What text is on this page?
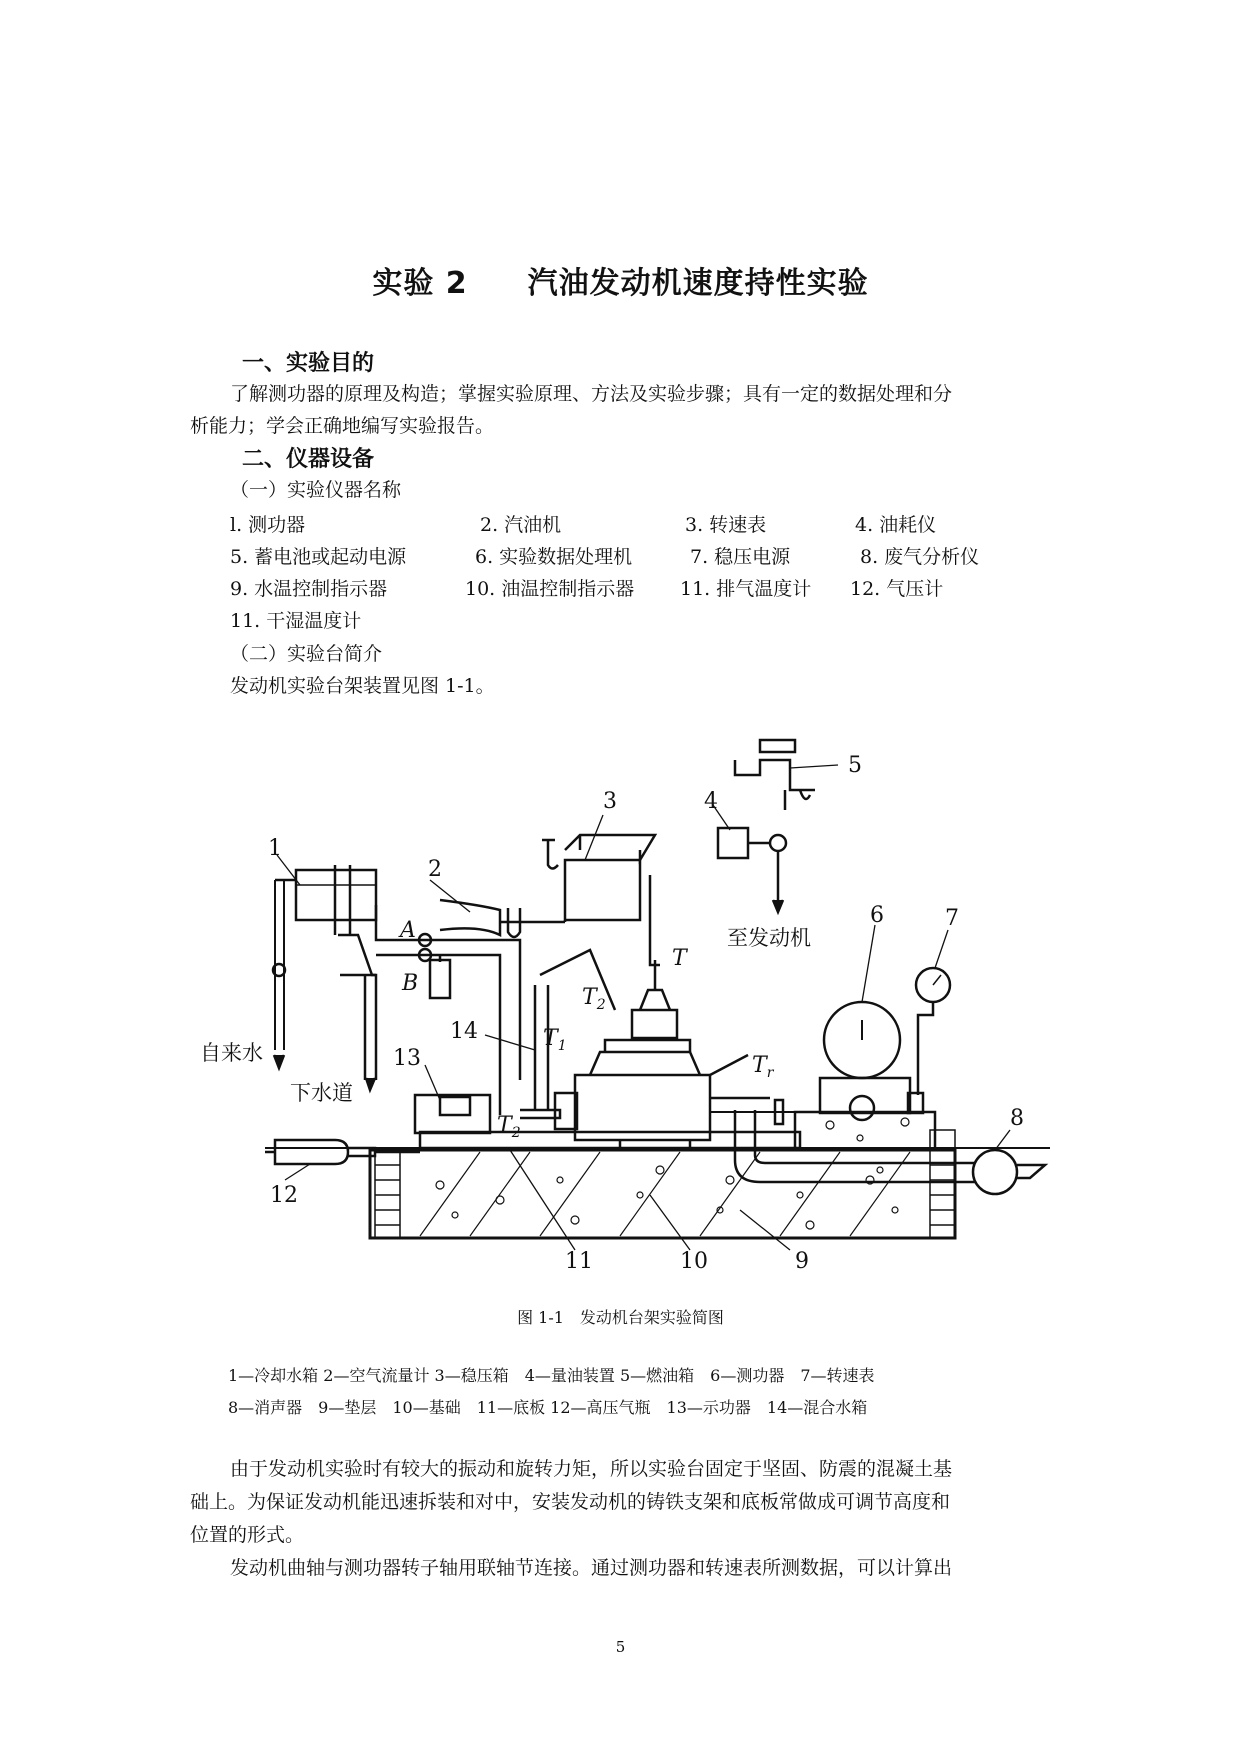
实验 2 汽油发动机速度持性实验
一、实验目的
了解测功器的原理及构造；掌握实验原理、方法及实验步骤；具有一定的数据处理和分
析能力；学会正确地编写实验报告。
二、仪器设备
（一）实验仪器名称
l. 测功器	2. 汽油机	3. 转速表	4. 油耗仪
5. 蓄电池或起动电源	6. 实验数据处理机	7. 稳压电源	8. 废气分析仪
9. 水温控制指示器	10. 油温控制指示器 11. 排气温度计 12. 气压计
11. 干湿温度计
（二）实验台简介
发动机实验台架装置见图 1-1。
1
2
3	4
5
6	7
8
9
10
11
12
13
14
至发动机
自来水
下水道
A
B
T
$T_2$
$T_1$
$T_2$
$T_r$
图 1-1　发动机台架实验简图
1—冷却水箱 2—空气流量计 3—稳压箱　4—量油装置 5—燃油箱　6—测功器　7—转速表
8—消声器　9—垫层　10—基础　11—底板 12—高压气瓶　13—示功器　14—混合水箱
由于发动机实验时有较大的振动和旋转力矩，所以实验台固定于坚固、防震的混凝土基
础上。为保证发动机能迅速拆装和对中，安装发动机的铸铁支架和底板常做成可调节高度和
位置的形式。
发动机曲轴与测功器转子轴用联轴节连接。通过测功器和转速表所测数据，可以计算出
5
